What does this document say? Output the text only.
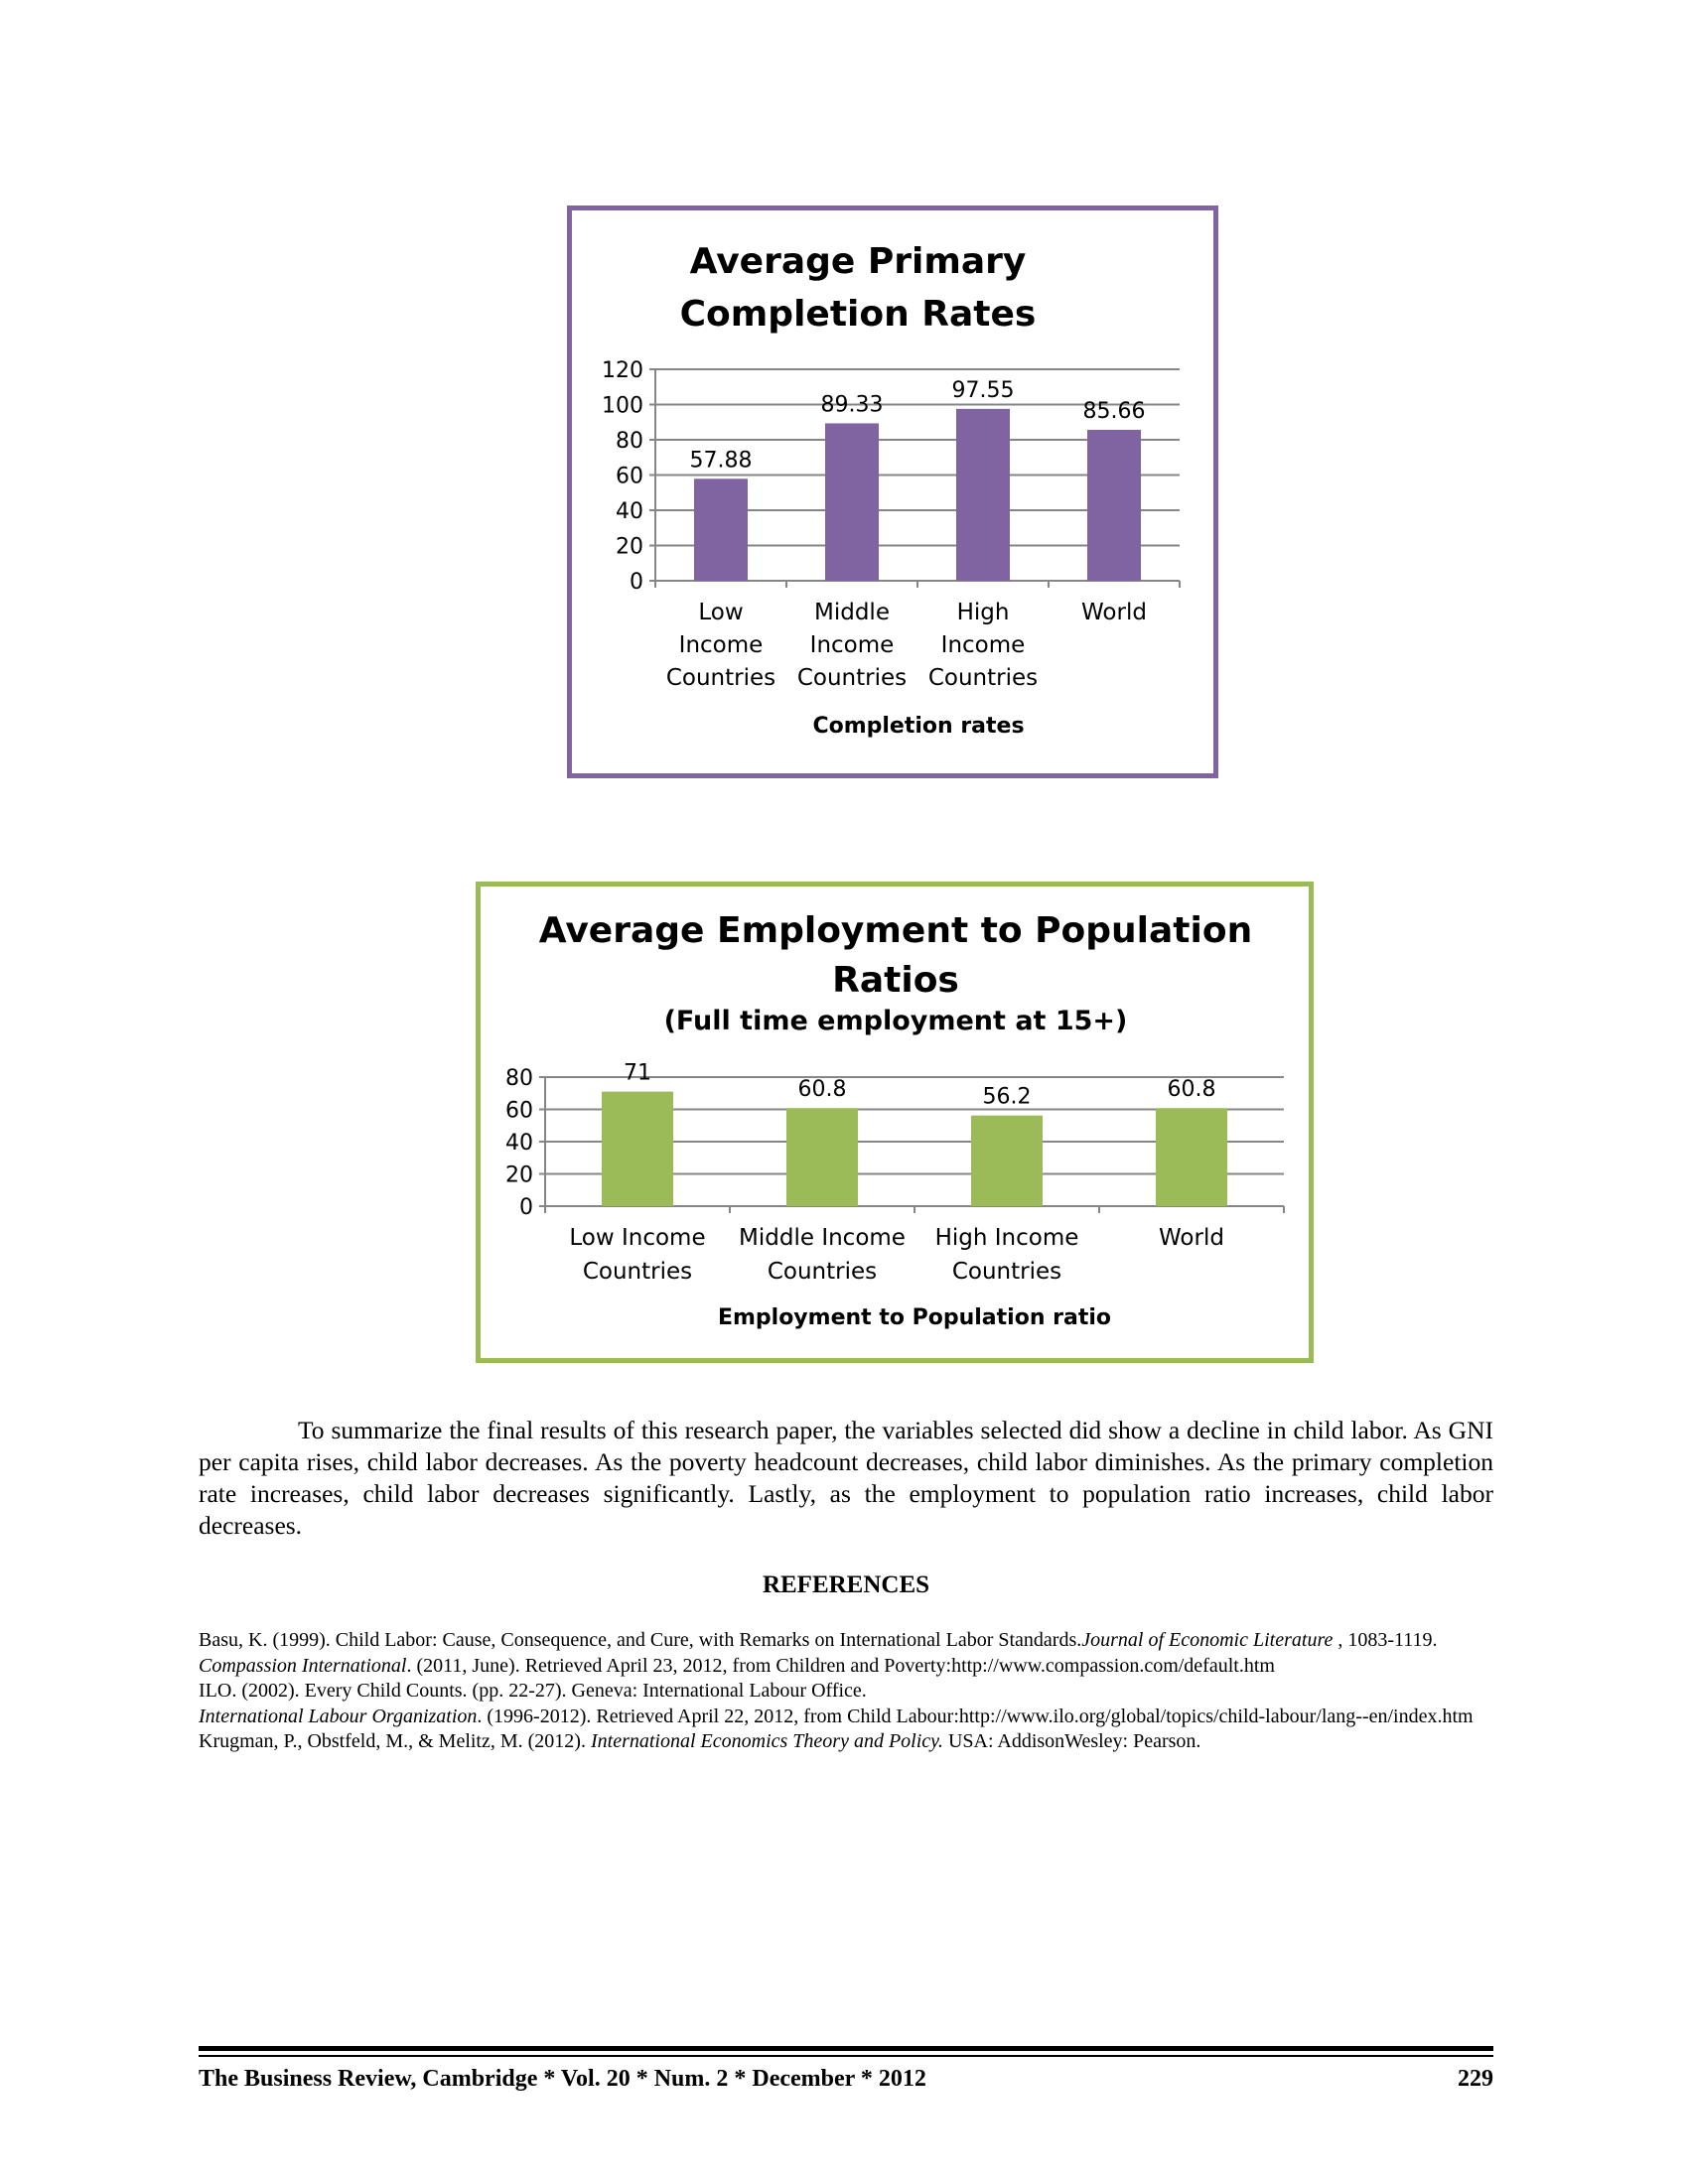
Average Primary
Completion Rates
0
20
40
60
80
100
120
57.88
Low
Income
Countries
89.33
Middle
Income
Countries
97.55
High
Income
Countries
85.66
World
Completion rates
Average Employment to Population
Ratios
(Full time employment at 15+)
0
20
40
60
80	71
Low Income
Countries
60.8
Middle Income
Countries
56.2
High Income
Countries
60.8
World
Employment to Population ratio

To summarize the final results of this research paper, the variables selected did show a decline in child labor. As GNI per capita rises, child labor decreases. As the poverty headcount decreases, child labor diminishes. As the primary completion rate increases, child labor decreases significantly. Lastly, as the employment to population ratio increases, child labor decreases.

REFERENCES

Basu, K. (1999). Child Labor: Cause, Consequence, and Cure, with Remarks on International Labor Standards.Journal of Economic Literature , 1083-1119.

Compassion International. (2011, June). Retrieved April 23, 2012, from Children and Poverty:http://www.compassion.com/default.htm

ILO. (2002). Every Child Counts. (pp. 22-27). Geneva: International Labour Office.

International Labour Organization. (1996-2012). Retrieved April 22, 2012, from Child Labour:http://www.ilo.org/global/topics/child-labour/lang--en/index.htm

Krugman, P., Obstfeld, M., & Melitz, M. (2012). International Economics Theory and Policy. USA: AddisonWesley: Pearson.

The Business Review, Cambridge * Vol. 20 * Num. 2 * December * 2012	229
